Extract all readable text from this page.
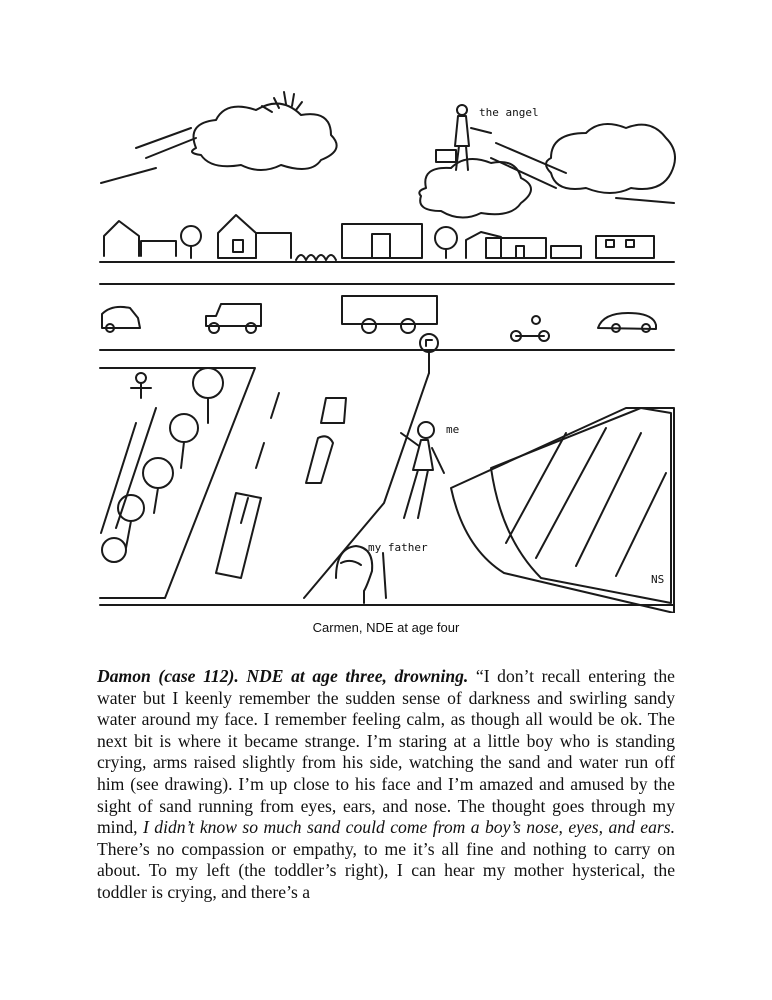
the angel
me
my father
NS
Carmen, NDE at age four
Damon (case 112). NDE at age three, drowning. “I don’t recall entering the water but I keenly remember the sudden sense of darkness and swirling sandy water around my face. I remember feeling calm, as though all would be ok. The next bit is where it became strange. I’m staring at a little boy who is standing crying, arms raised slightly from his side, watching the sand and water run off him (see drawing). I’m up close to his face and I’m amazed and amused by the sight of sand running from eyes, ears, and nose. The thought goes through my mind, I didn’t know so much sand could come from a boy’s nose, eyes, and ears. There’s no compassion or empathy, to me it’s all fine and nothing to carry on about. To my left (the toddler’s right), I can hear my mother hysterical, the toddler is crying, and there’s a
